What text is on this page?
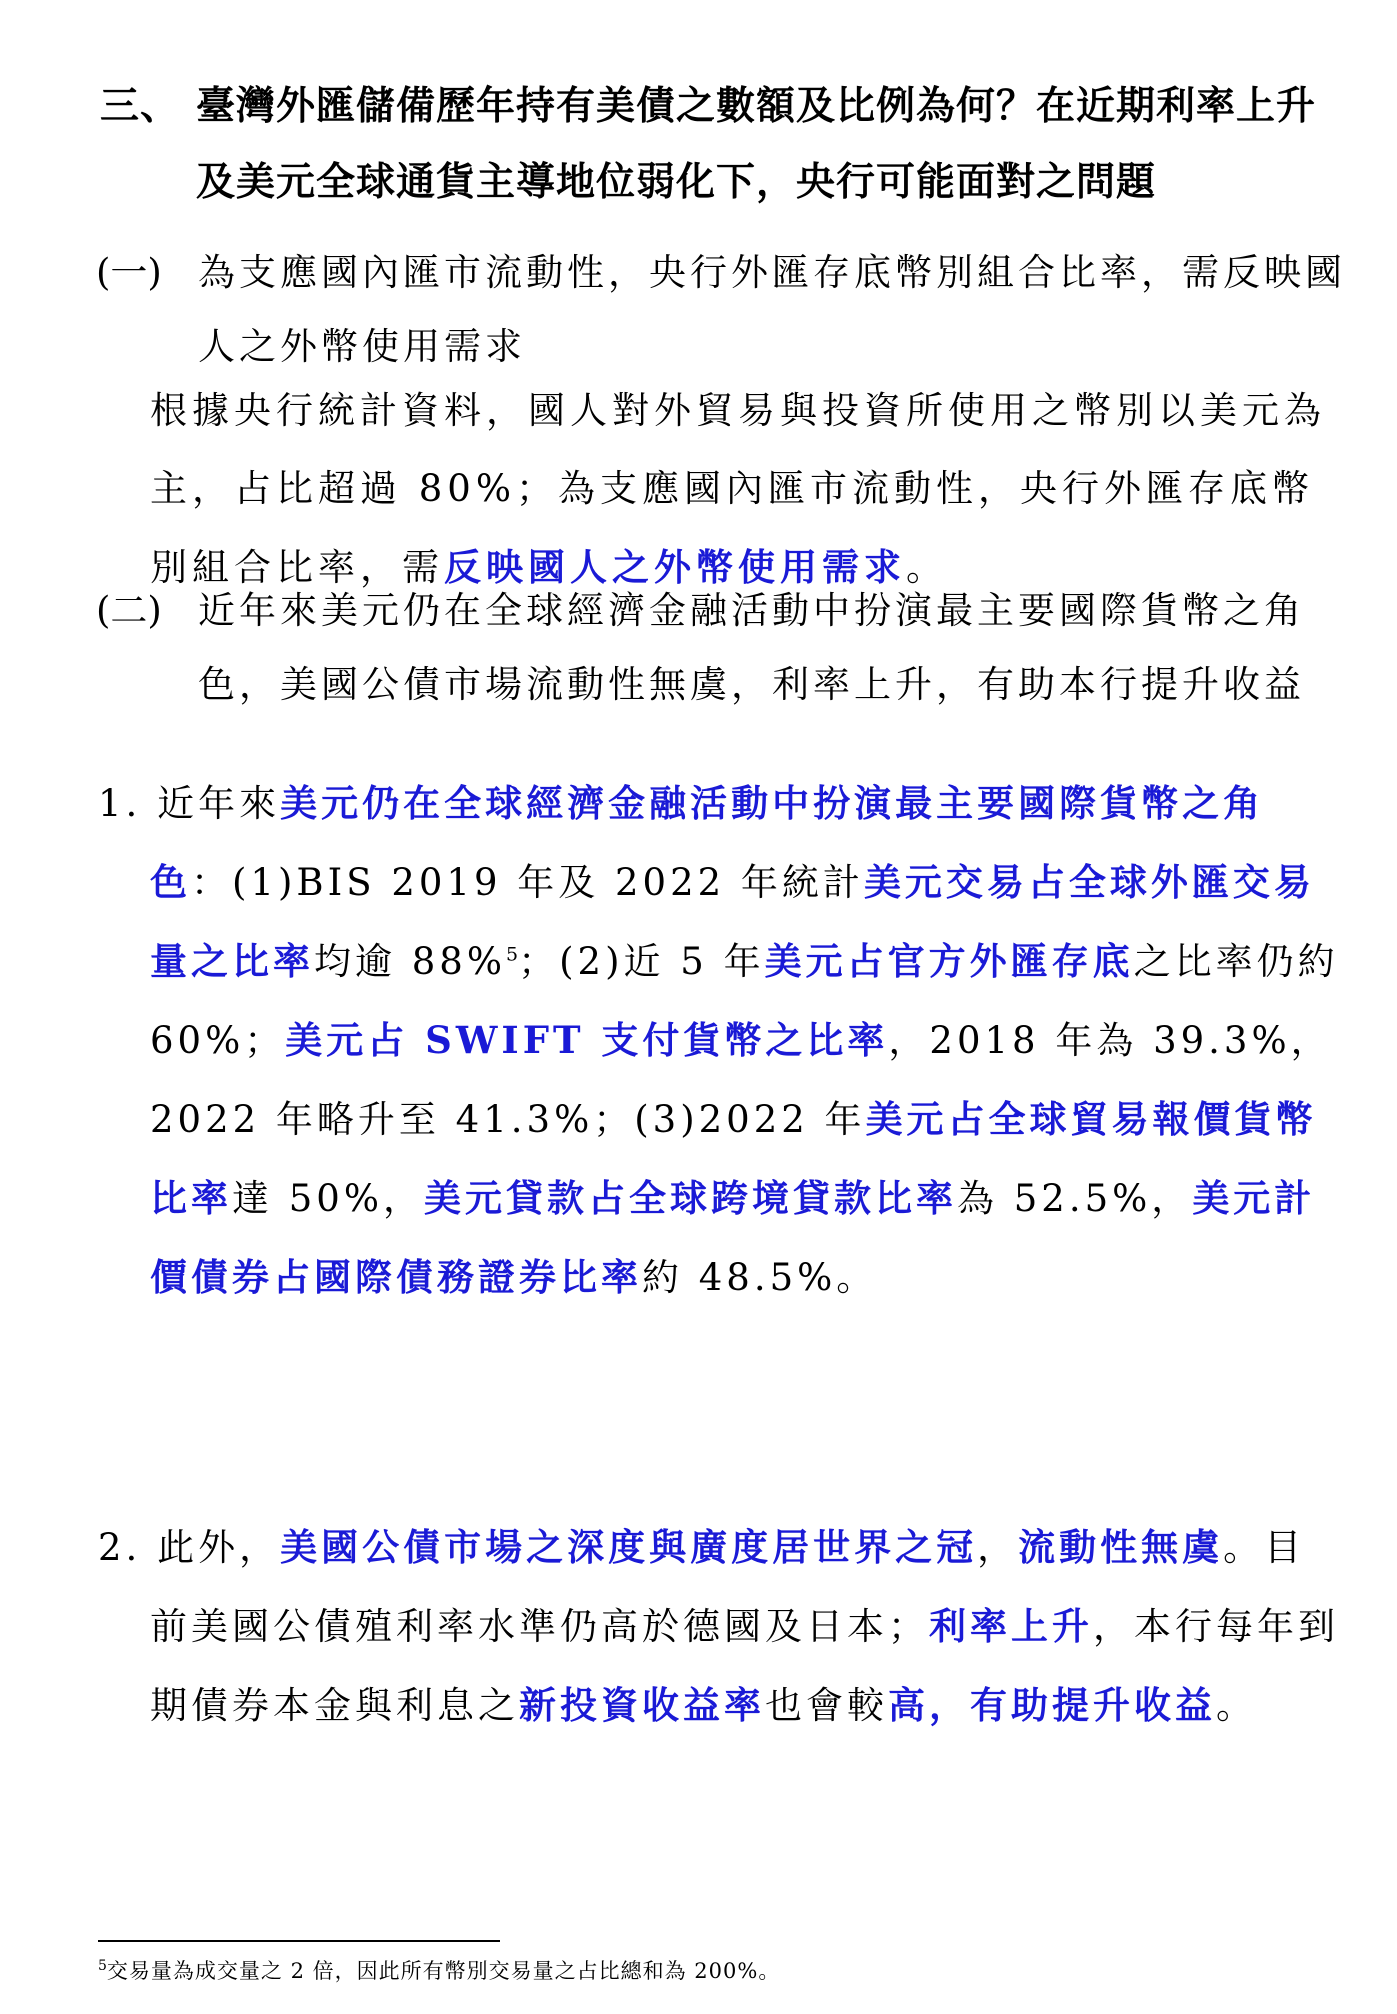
三、 臺灣外匯儲備歷年持有美債之數額及比例為何？在近期利率上升及美元全球通貨主導地位弱化下，央行可能面對之問題
(一) 為支應國內匯市流動性，央行外匯存底幣別組合比率，需反映國人之外幣使用需求
根據央行統計資料，國人對外貿易與投資所使用之幣別以美元為主，占比超過 80%；為支應國內匯市流動性，央行外匯存底幣別組合比率，需反映國人之外幣使用需求。
(二) 近年來美元仍在全球經濟金融活動中扮演最主要國際貨幣之角色，美國公債市場流動性無虞，利率上升，有助本行提升收益
1. 近年來美元仍在全球經濟金融活動中扮演最主要國際貨幣之角色：(1)BIS 2019 年及 2022 年統計美元交易占全球外匯交易量之比率均逾 88%$^5$；(2)近 5 年美元占官方外匯存底之比率仍約 60%；美元占 SWIFT 支付貨幣之比率，2018 年為 39.3%，2022 年略升至 41.3%；(3)2022 年美元占全球貿易報價貨幣比率達 50%，美元貸款占全球跨境貸款比率為 52.5%，美元計價債券占國際債務證券比率約 48.5%。
2. 此外，美國公債市場之深度與廣度居世界之冠，流動性無虞。目前美國公債殖利率水準仍高於德國及日本；利率上升，本行每年到期債券本金與利息之新投資收益率也會較高，有助提升收益。
$^5$交易量為成交量之 2 倍，因此所有幣別交易量之占比總和為 200%。
